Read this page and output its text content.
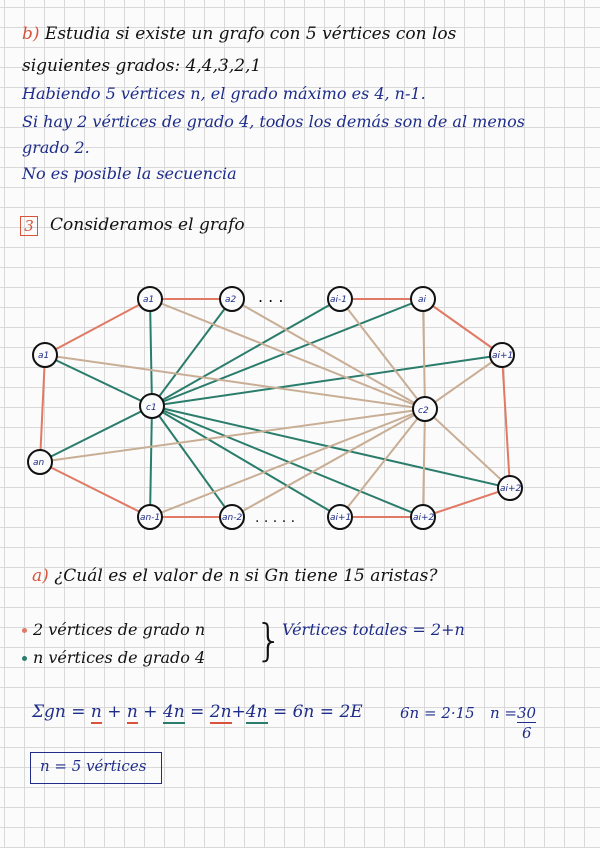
b) Estudia si existe un grafo con 5 vértices con los
siguientes grados: 4,4,3,2,1
Habiendo 5 vértices n, el grado máximo es 4, n-1.
Si hay 2 vértices de grado 4, todos los demás son de al menos
grado 2.
No es posible la secuencia
3 Consideramos el grafo
a1
a1	a2	ai-1	ai
ai+1
ai+2
ai+2
ai+1
an-2
an-1
an
c1	c2
. . .
. . . . .
a) ¿Cuál es el valor de n si Gn tiene 15 aristas?
2 vértices de grado n
n vértices de grado 4 } Vértices totales = 2+n
Σgn = n + n + 4n = 2n+4n = 6n = 2E 6n = 2·15 n = 30
6
n = 5 vértices
